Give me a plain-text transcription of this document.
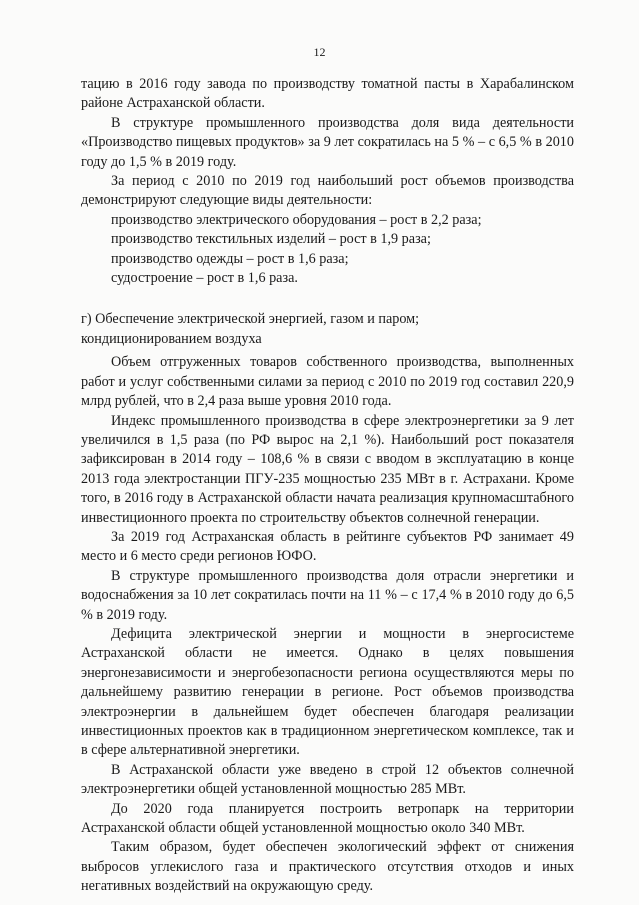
12

тацию в 2016 году завода по производству томатной пасты в Харабалинском районе Астраханской области.

В структуре промышленного производства доля вида деятельности «Производство пищевых продуктов» за 9 лет сократилась на 5 % – с 6,5 % в 2010 году до 1,5 % в 2019 году.

За период с 2010 по 2019 год наибольший рост объемов производства демонстрируют следующие виды деятельности:

производство электрического оборудования – рост в 2,2 раза;

производство текстильных изделий – рост в 1,9 раза;

производство одежды – рост в 1,6 раза;

судостроение – рост в 1,6 раза.

г) Обеспечение электрической энергией, газом и паром;

кондиционированием воздуха

Объем отгруженных товаров собственного производства, выполненных работ и услуг собственными силами за период с 2010 по 2019 год составил 220,9 млрд рублей, что в 2,4 раза выше уровня 2010 года.

Индекс промышленного производства в сфере электроэнергетики за 9 лет увеличился в 1,5 раза (по РФ вырос на 2,1 %). Наибольший рост показателя зафиксирован в 2014 году – 108,6 % в связи с вводом в эксплуатацию в конце 2013 года электростанции ПГУ-235 мощностью 235 МВт в г. Астрахани. Кроме того, в 2016 году в Астраханской области начата реализация крупномасштабного инвестиционного проекта по строительству объектов солнечной генерации.

За 2019 год Астраханская область в рейтинге субъектов РФ занимает 49 место и 6 место среди регионов ЮФО.

В структуре промышленного производства доля отрасли энергетики и водоснабжения за 10 лет сократилась почти на 11 % – с 17,4 % в 2010 году до 6,5 % в 2019 году.

Дефицита электрической энергии и мощности в энергосистеме Астраханской области не имеется. Однако в целях повышения энергонезависимости и энергобезопасности региона осуществляются меры по дальнейшему развитию генерации в регионе. Рост объемов производства электроэнергии в дальнейшем будет обеспечен благодаря реализации инвестиционных проектов как в традиционном энергетическом комплексе, так и в сфере альтернативной энергетики.

В Астраханской области уже введено в строй 12 объектов солнечной электроэнергетики общей установленной мощностью 285 МВт.

До 2020 года планируется построить ветропарк на территории Астраханской области общей установленной мощностью около 340 МВт.

Таким образом, будет обеспечен экологический эффект от снижения выбросов углекислого газа и практического отсутствия отходов и иных негативных воздействий на окружающую среду.
